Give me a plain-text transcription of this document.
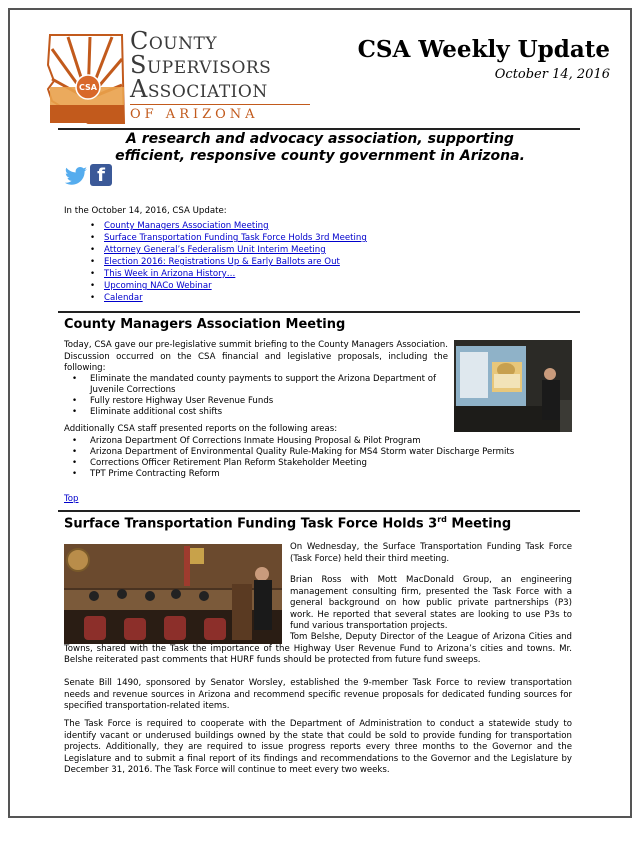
CSA
County
Supervisors
Association
OF ARIZONA
CSA Weekly Update
October 14, 2016
A research and advocacy association, supporting
efficient, responsive county government in Arizona.
f
In the October 14, 2016, CSA Update:
• County Managers Association Meeting
• Surface Transportation Funding Task Force Holds 3rd Meeting
• Attorney General’s Federalism Unit Interim Meeting
• Election 2016: Registrations Up & Early Ballots are Out
• This Week in Arizona History…
• Upcoming NACo Webinar
• Calendar
County Managers Association Meeting
Today, CSA gave our pre-legislative summit briefing to the County Managers Association. Discussion occurred on the CSA financial and legislative proposals, including the following:
• Eliminate the mandated county payments to support the Arizona Department of Juvenile Corrections
• Fully restore Highway User Revenue Funds
• Eliminate additional cost shifts
Additionally CSA staff presented reports on the following areas:
• Arizona Department Of Corrections Inmate Housing Proposal & Pilot Program
• Arizona Department of Environmental Quality Rule-Making for MS4 Storm water Discharge Permits
• Corrections Officer Retirement Plan Reform Stakeholder Meeting
• TPT Prime Contracting Reform
Top
Surface Transportation Funding Task Force Holds 3rd Meeting
On Wednesday, the Surface Transportation Funding Task Force (Task Force) held their third meeting.
Brian Ross with Mott MacDonald Group, an engineering management consulting firm, presented the Task Force with a general background on how public private partnerships (P3) work. He reported that several states are looking to use P3s to fund various transportation projects.
Tom Belshe, Deputy Director of the League of Arizona Cities and Towns, shared with the Task the importance of the Highway User Revenue Fund to Arizona’s cities and towns. Mr. Belshe reiterated past comments that HURF funds should be protected from future fund sweeps.
Senate Bill 1490, sponsored by Senator Worsley, established the 9-member Task Force to review transportation needs and revenue sources in Arizona and recommend specific revenue proposals for dedicated funding sources for specified transportation-related items.
The Task Force is required to cooperate with the Department of Administration to conduct a statewide study to identify vacant or underused buildings owned by the state that could be sold to provide funding for transportation projects. Additionally, they are required to issue progress reports every three months to the Governor and the Legislature and to submit a final report of its findings and recommendations to the Governor and the Legislature by December 31, 2016. The Task Force will continue to meet every two weeks.
